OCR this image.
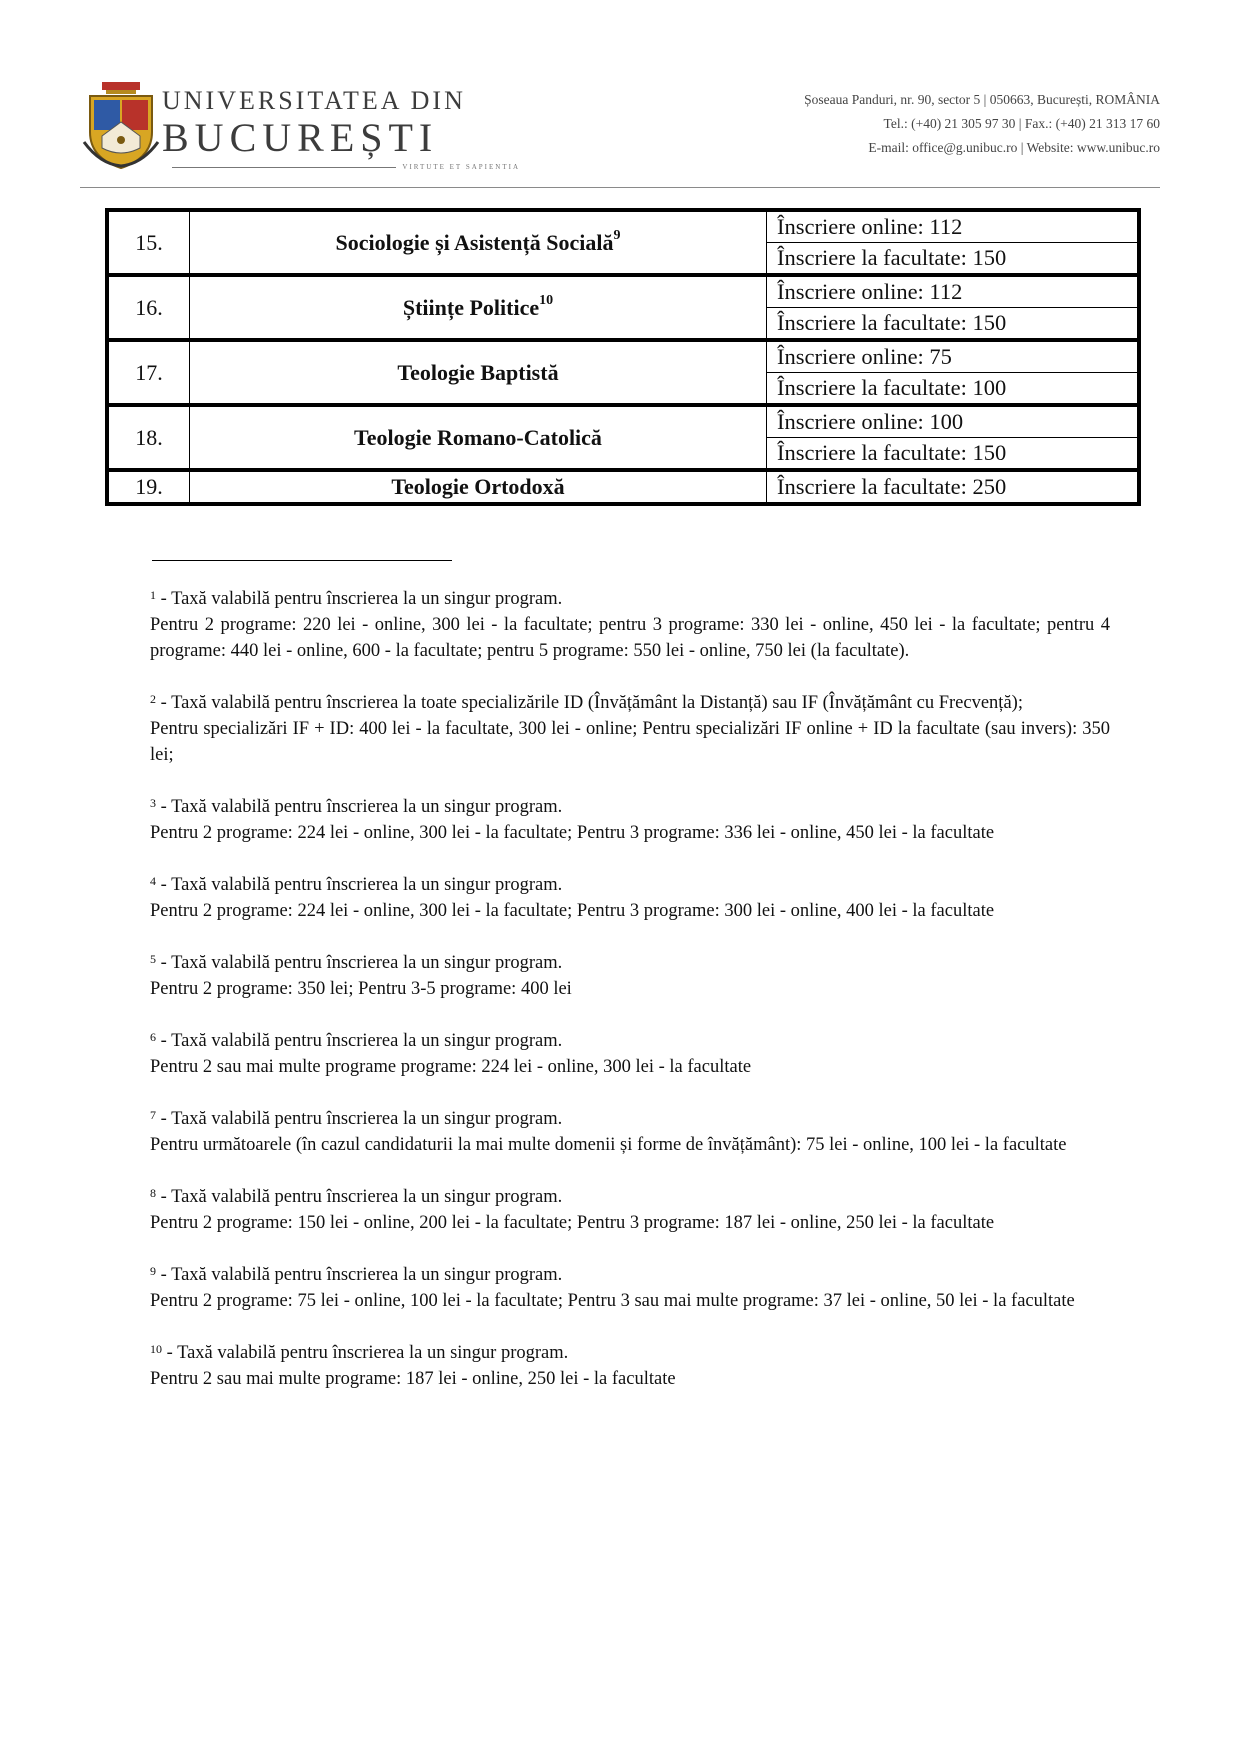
UNIVERSITATEA DIN
BUCUREȘTI
VIRTUTE ET SAPIENTIA
Șoseaua Panduri, nr. 90, sector 5 | 050663, București, ROMÂNIA
Tel.: (+40) 21 305 97 30 | Fax.: (+40) 21 313 17 60
E-mail: office@g.unibuc.ro | Website: www.unibuc.ro
15.	Sociologie și Asistență Socială$^9$	Înscriere online: 112
		Înscriere la facultate: 150
16.	Științe Politice$^{10}$	Înscriere online: 112
		Înscriere la facultate: 150
17.	Teologie Baptistă	Înscriere online: 75
		Înscriere la facultate: 100
18.	Teologie Romano-Catolică	Înscriere online: 100
		Înscriere la facultate: 150
19.	Teologie Ortodoxă	Înscriere la facultate: 250

$^1$ - Taxă valabilă pentru înscrierea la un singur program.

Pentru 2 programe: 220 lei - online, 300 lei - la facultate; pentru 3 programe: 330 lei - online, 450 lei - la facultate; pentru 4 programe: 440 lei - online, 600 - la facultate; pentru 5 programe: 550 lei - online, 750 lei (la facultate).

$^2$ - Taxă valabilă pentru înscrierea la toate specializările ID (Învățământ la Distanță) sau IF (Învățământ cu Frecvență);

Pentru specializări IF + ID: 400 lei - la facultate, 300 lei - online; Pentru specializări IF online + ID la facultate (sau invers): 350 lei;

$^3$ - Taxă valabilă pentru înscrierea la un singur program.

Pentru 2 programe: 224 lei - online, 300 lei - la facultate; Pentru 3 programe: 336 lei - online, 450 lei - la facultate

$^4$ - Taxă valabilă pentru înscrierea la un singur program.

Pentru 2 programe: 224 lei - online, 300 lei - la facultate; Pentru 3 programe: 300 lei - online, 400 lei - la facultate

$^5$ - Taxă valabilă pentru înscrierea la un singur program.

Pentru 2 programe: 350 lei; Pentru 3-5 programe: 400 lei

$^6$ - Taxă valabilă pentru înscrierea la un singur program.

Pentru 2 sau mai multe programe programe: 224 lei - online, 300 lei - la facultate

$^7$ - Taxă valabilă pentru înscrierea la un singur program.

Pentru următoarele (în cazul candidaturii la mai multe domenii și forme de învățământ): 75 lei - online, 100 lei - la facultate

$^8$ - Taxă valabilă pentru înscrierea la un singur program.

Pentru 2 programe: 150 lei - online, 200 lei - la facultate; Pentru 3 programe: 187 lei - online, 250 lei - la facultate

$^9$ - Taxă valabilă pentru înscrierea la un singur program.

Pentru 2 programe: 75 lei - online, 100 lei - la facultate; Pentru 3 sau mai multe programe: 37 lei - online, 50 lei - la facultate

$^{10}$ - Taxă valabilă pentru înscrierea la un singur program.

Pentru 2 sau mai multe programe: 187 lei - online, 250 lei - la facultate
